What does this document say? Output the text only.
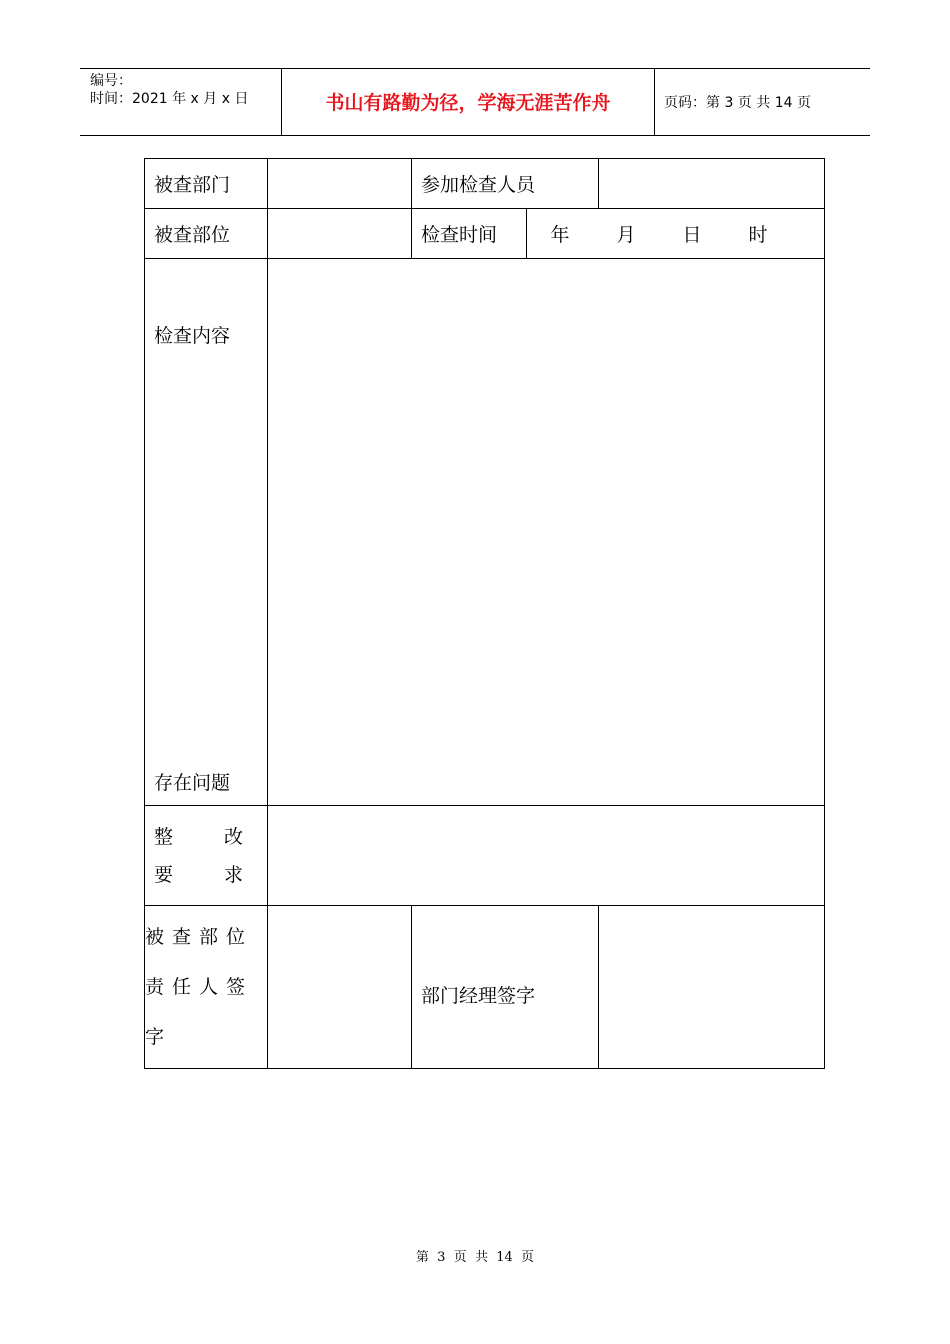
编号：
时间：2021 年 x 月 x 日	书山有路勤为径，学海无涯苦作舟	页码：第 3 页 共 14 页
被查部门		参加检查人员		
被查部位		检查时间	年 月 日 时	

检查内容
存在问题				

整 改
要 求				

被查部位
责任人签
字		部门经理签字		
第  3  页  共  14  页
